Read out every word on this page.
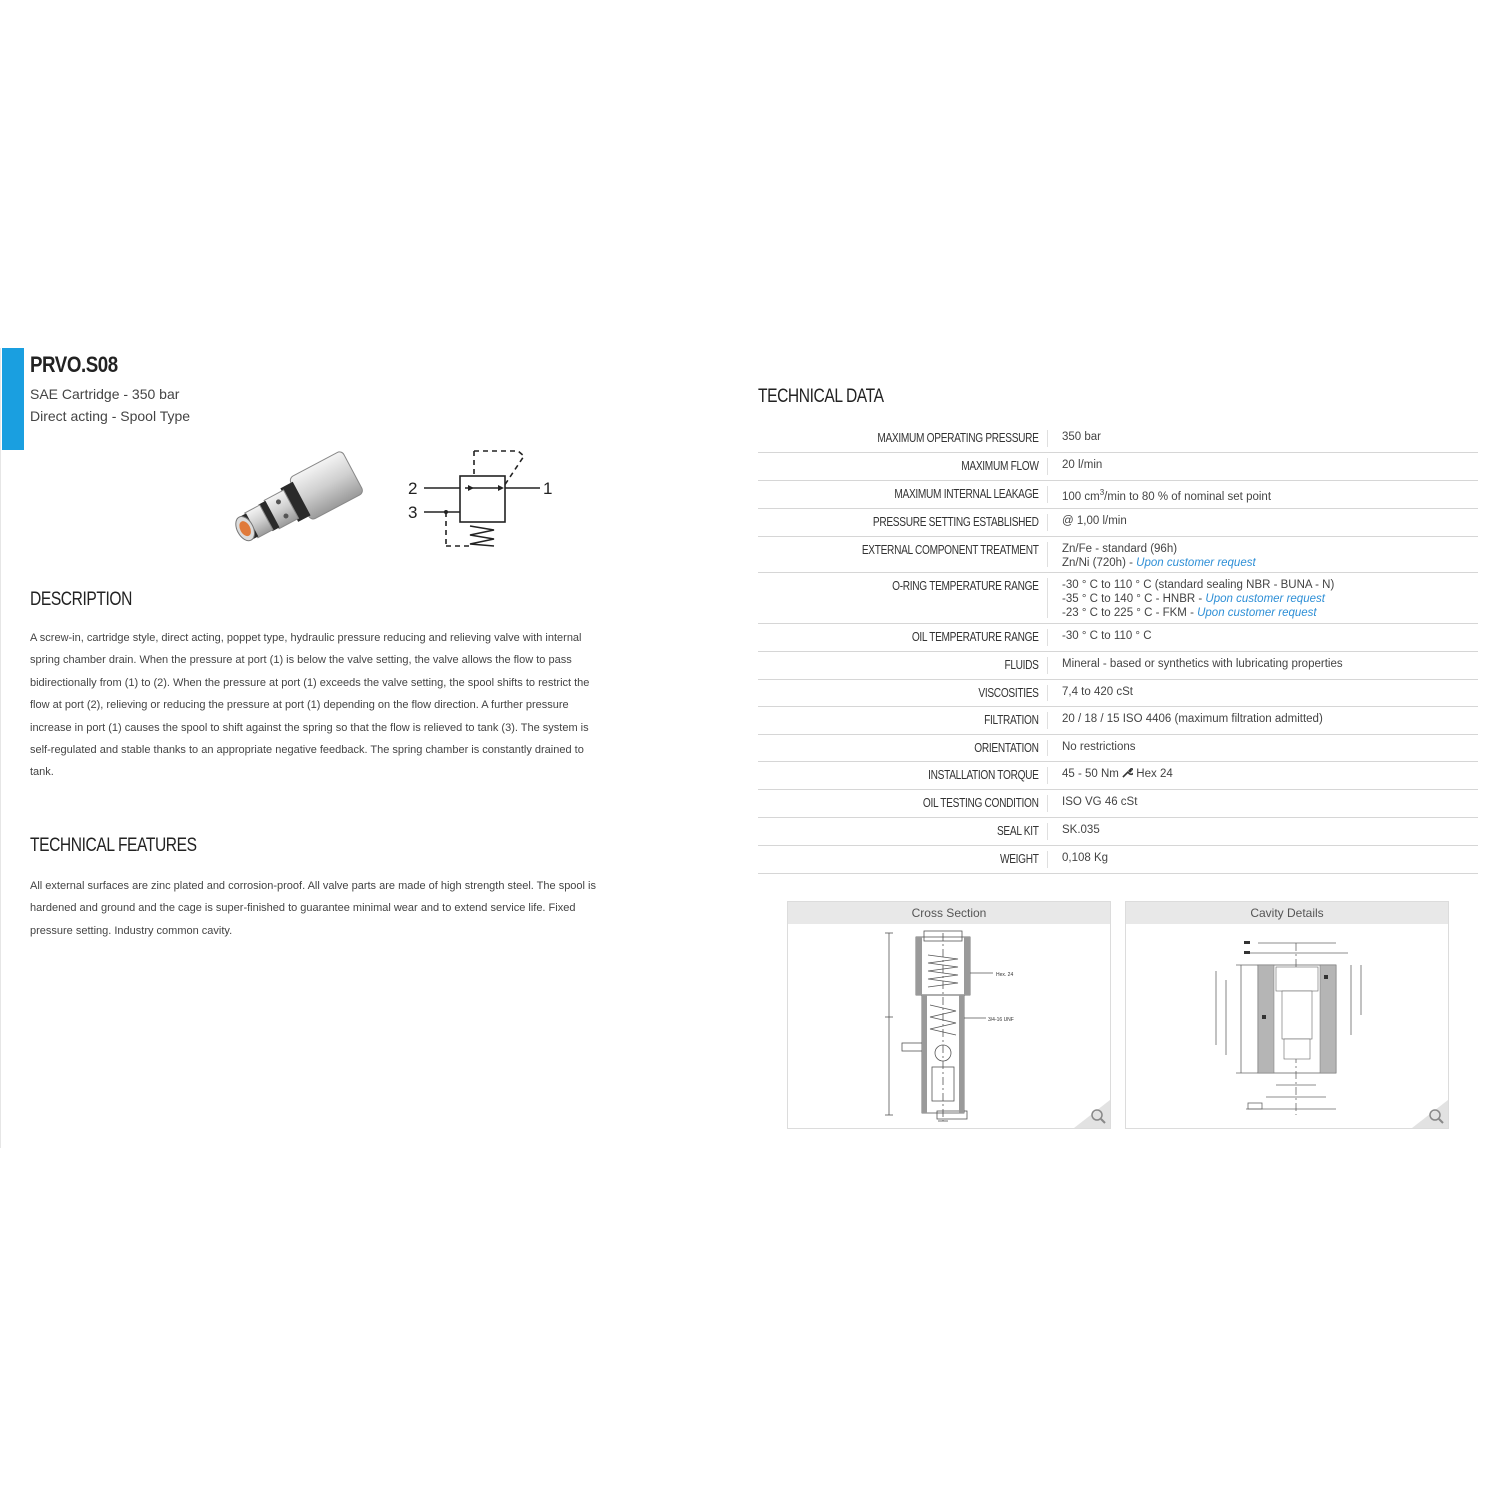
PRVO.S08
SAE Cartridge - 350 bar
Direct acting - Spool Type
2
3
1
DESCRIPTION

A screw-in, cartridge style, direct acting, poppet type, hydraulic pressure reducing and relieving valve with internal spring chamber drain. When the pressure at port (1) is below the valve setting, the valve allows the flow to pass bidirectionally from (1) to (2). When the pressure at port (1) exceeds the valve setting, the spool shifts to restrict the flow at port (2), relieving or reducing the pressure at port (1) depending on the flow direction. A further pressure increase in port (1) causes the spool to shift against the spring so that the flow is relieved to tank (3). The system is self-regulated and stable thanks to an appropriate negative feedback. The spring chamber is constantly drained to tank.

TECHNICAL FEATURES

All external surfaces are zinc plated and corrosion-proof. All valve parts are made of high strength steel. The spool is hardened and ground and the cage is super-finished to guarantee minimal wear and to extend service life. Fixed pressure setting. Industry common cavity.

TECHNICAL DATA
MAXIMUM OPERATING PRESSURE	350 bar
MAXIMUM FLOW	20 l/min
MAXIMUM INTERNAL LEAKAGE	100 $cm^3/\min$ to 80 % of nominal set point
PRESSURE SETTING ESTABLISHED	@ 1,00 l/min
EXTERNAL COMPONENT TREATMENT	Zn/Fe - standard (96h)
Zn/Ni (720h) - Upon customer request
O-RING TEMPERATURE RANGE	-30 ° C to 110 ° C (standard sealing NBR - BUNA - N)
-35 ° C to 140 ° C - HNBR - Upon customer request
-23 ° C to 225 ° C - FKM - Upon customer request
OIL TEMPERATURE RANGE	-30 ° C to 110 ° C
FLUIDS	Mineral - based or synthetics with lubricating properties
VISCOSITIES	7,4 to 420 cSt
FILTRATION	20 / 18 / 15 ISO 4406 (maximum filtration admitted)
ORIENTATION	No restrictions
INSTALLATION TORQUE	45 - 50 Nm Hex 24
OIL TESTING CONDITION	ISO VG 46 cSt
SEAL KIT	SK.035
WEIGHT	0,108 Kg
Cross Section
Hex. 24
3/4-16 UNF
Cavity Details
